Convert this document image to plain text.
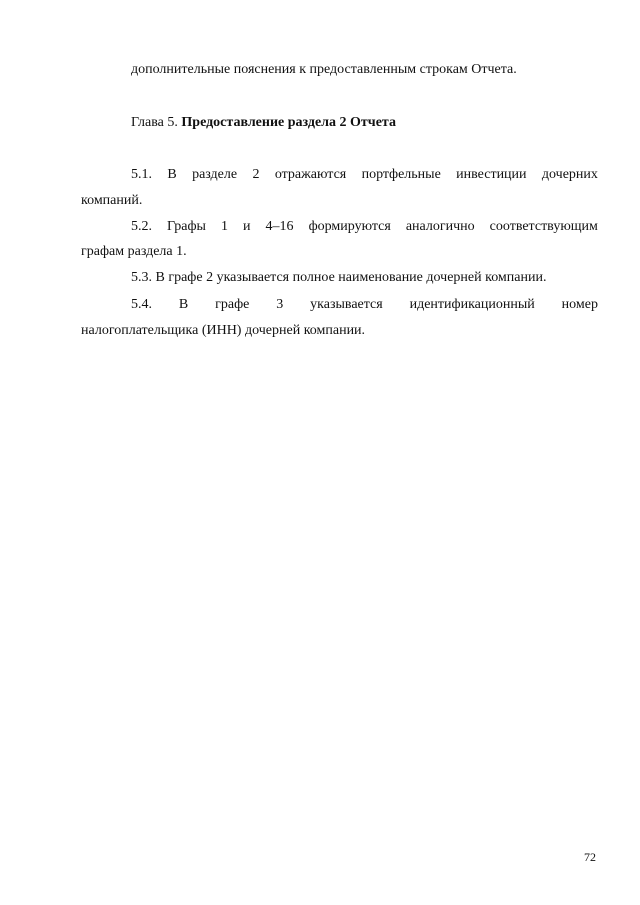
дополнительные пояснения к предоставленным строкам Отчета.
Глава 5. Предоставление раздела 2 Отчета
5.1. В разделе 2 отражаются портфельные инвестиции дочерних
компаний.
5.2. Графы 1 и 4–16 формируются аналогично соответствующим
графам раздела 1.
5.3. В графе 2 указывается полное наименование дочерней компании.
5.4. В графе 3 указывается идентификационный номер
налогоплательщика (ИНН) дочерней компании.
72
